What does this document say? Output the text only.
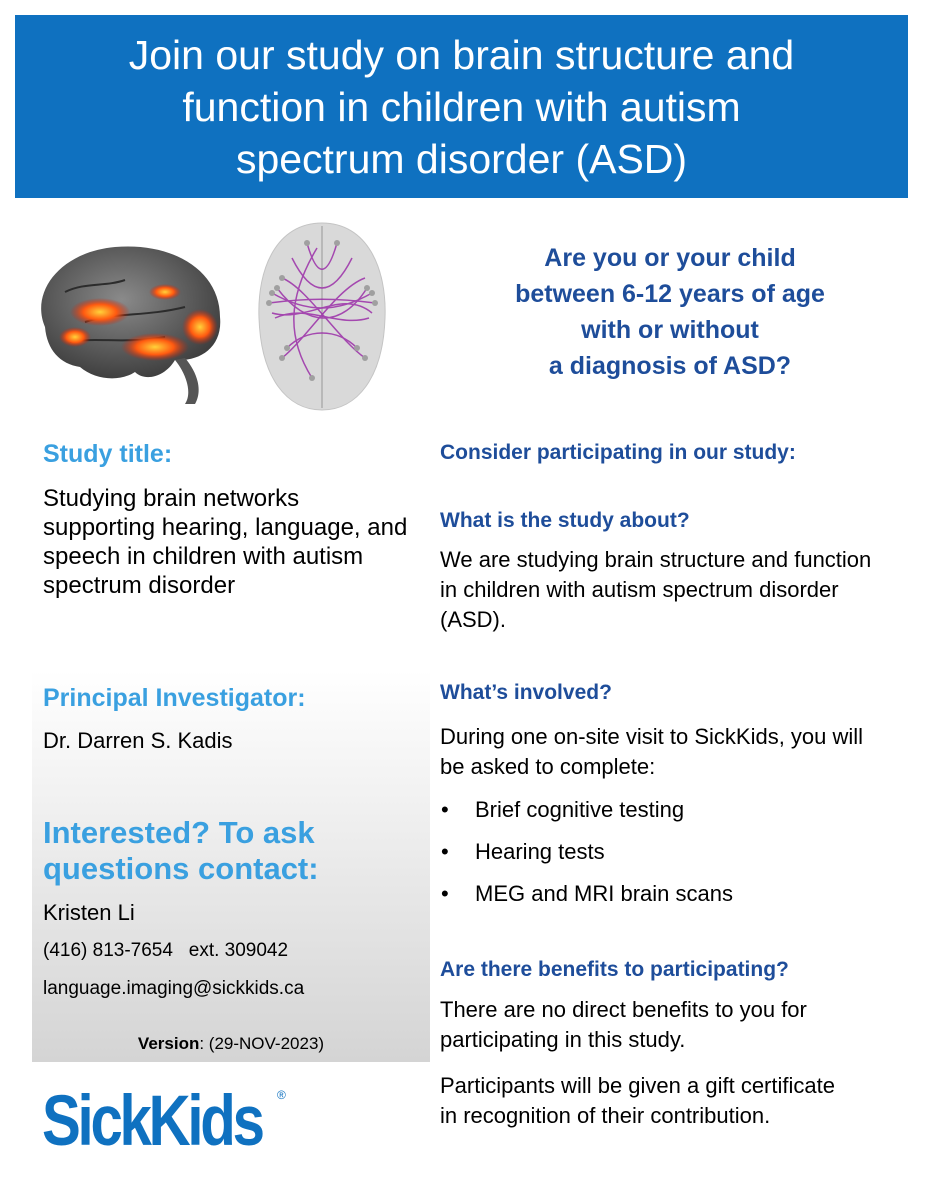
Join our study on brain structure and
function in children with autism
spectrum disorder (ASD)
Are you or your child
between 6-12 years of age
with or without
a diagnosis of ASD?
Study title:
Studying brain networks supporting hearing, language, and speech in children with autism spectrum disorder
Principal Investigator:
Dr. Darren S. Kadis
Interested? To ask questions contact:
Kristen Li
(416) 813-7654   ext. 309042
language.imaging@sickkids.ca
Version: (29-NOV-2023)
SickKids ®
Consider participating in our study:
What is the study about?
We are studying brain structure and function in children with autism spectrum disorder (ASD).
What’s involved?
During one on-site visit to SickKids, you will be asked to complete:
• Brief cognitive testing
• Hearing tests
• MEG and MRI brain scans
Are there benefits to participating?
There are no direct benefits to you for participating in this study.
Participants will be given a gift certificate in recognition of their contribution.
